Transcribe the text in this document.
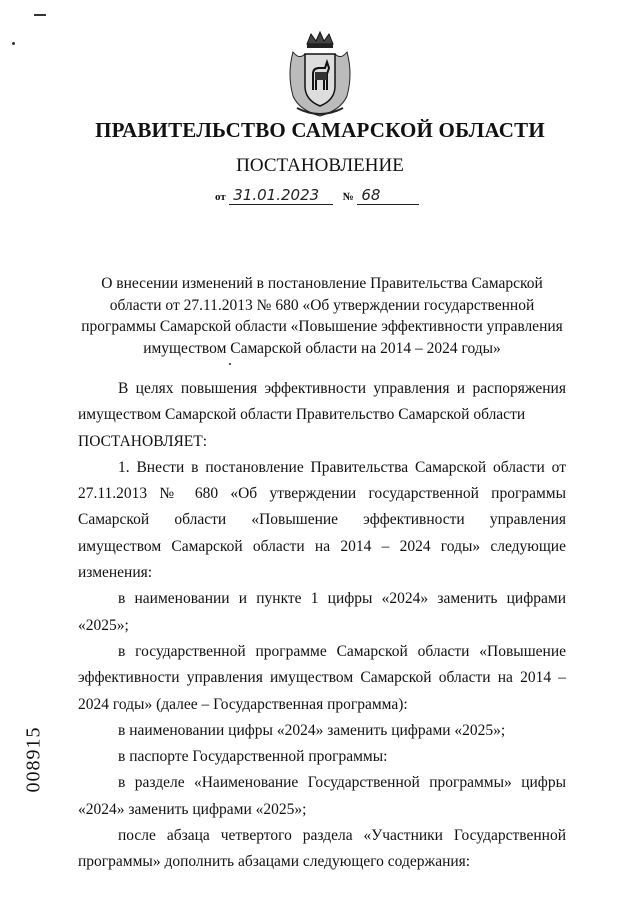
ПРАВИТЕЛЬСТВО САМАРСКОЙ ОБЛАСТИ
ПОСТАНОВЛЕНИЕ
от 31.01.2023 № 68
О внесении изменений в постановление Правительства Самарской области от 27.11.2013 № 680 «Об утверждении государственной программы Самарской области «Повышение эффективности управления имуществом Самарской области на 2014 – 2024 годы»

В целях повышения эффективности управления и распоряжения имуществом Самарской области Правительство Самарской области

ПОСТАНОВЛЯЕТ:

1. Внести в постановление Правительства Самарской области от 27.11.2013 № 680 «Об утверждении государственной программы Самарской области «Повышение эффективности управления имуществом Самарской области на 2014 – 2024 годы» следующие изменения:

в наименовании и пункте 1 цифры «2024» заменить цифрами «2025»;

в государственной программе Самарской области «Повышение эффективности управления имуществом Самарской области на 2014 – 2024 годы» (далее – Государственная программа):

в наименовании цифры «2024» заменить цифрами «2025»;

в паспорте Государственной программы:

в разделе «Наименование Государственной программы» цифры «2024» заменить цифрами «2025»;

после абзаца четвертого раздела «Участники Государственной программы» дополнить абзацами следующего содержания:

008915
